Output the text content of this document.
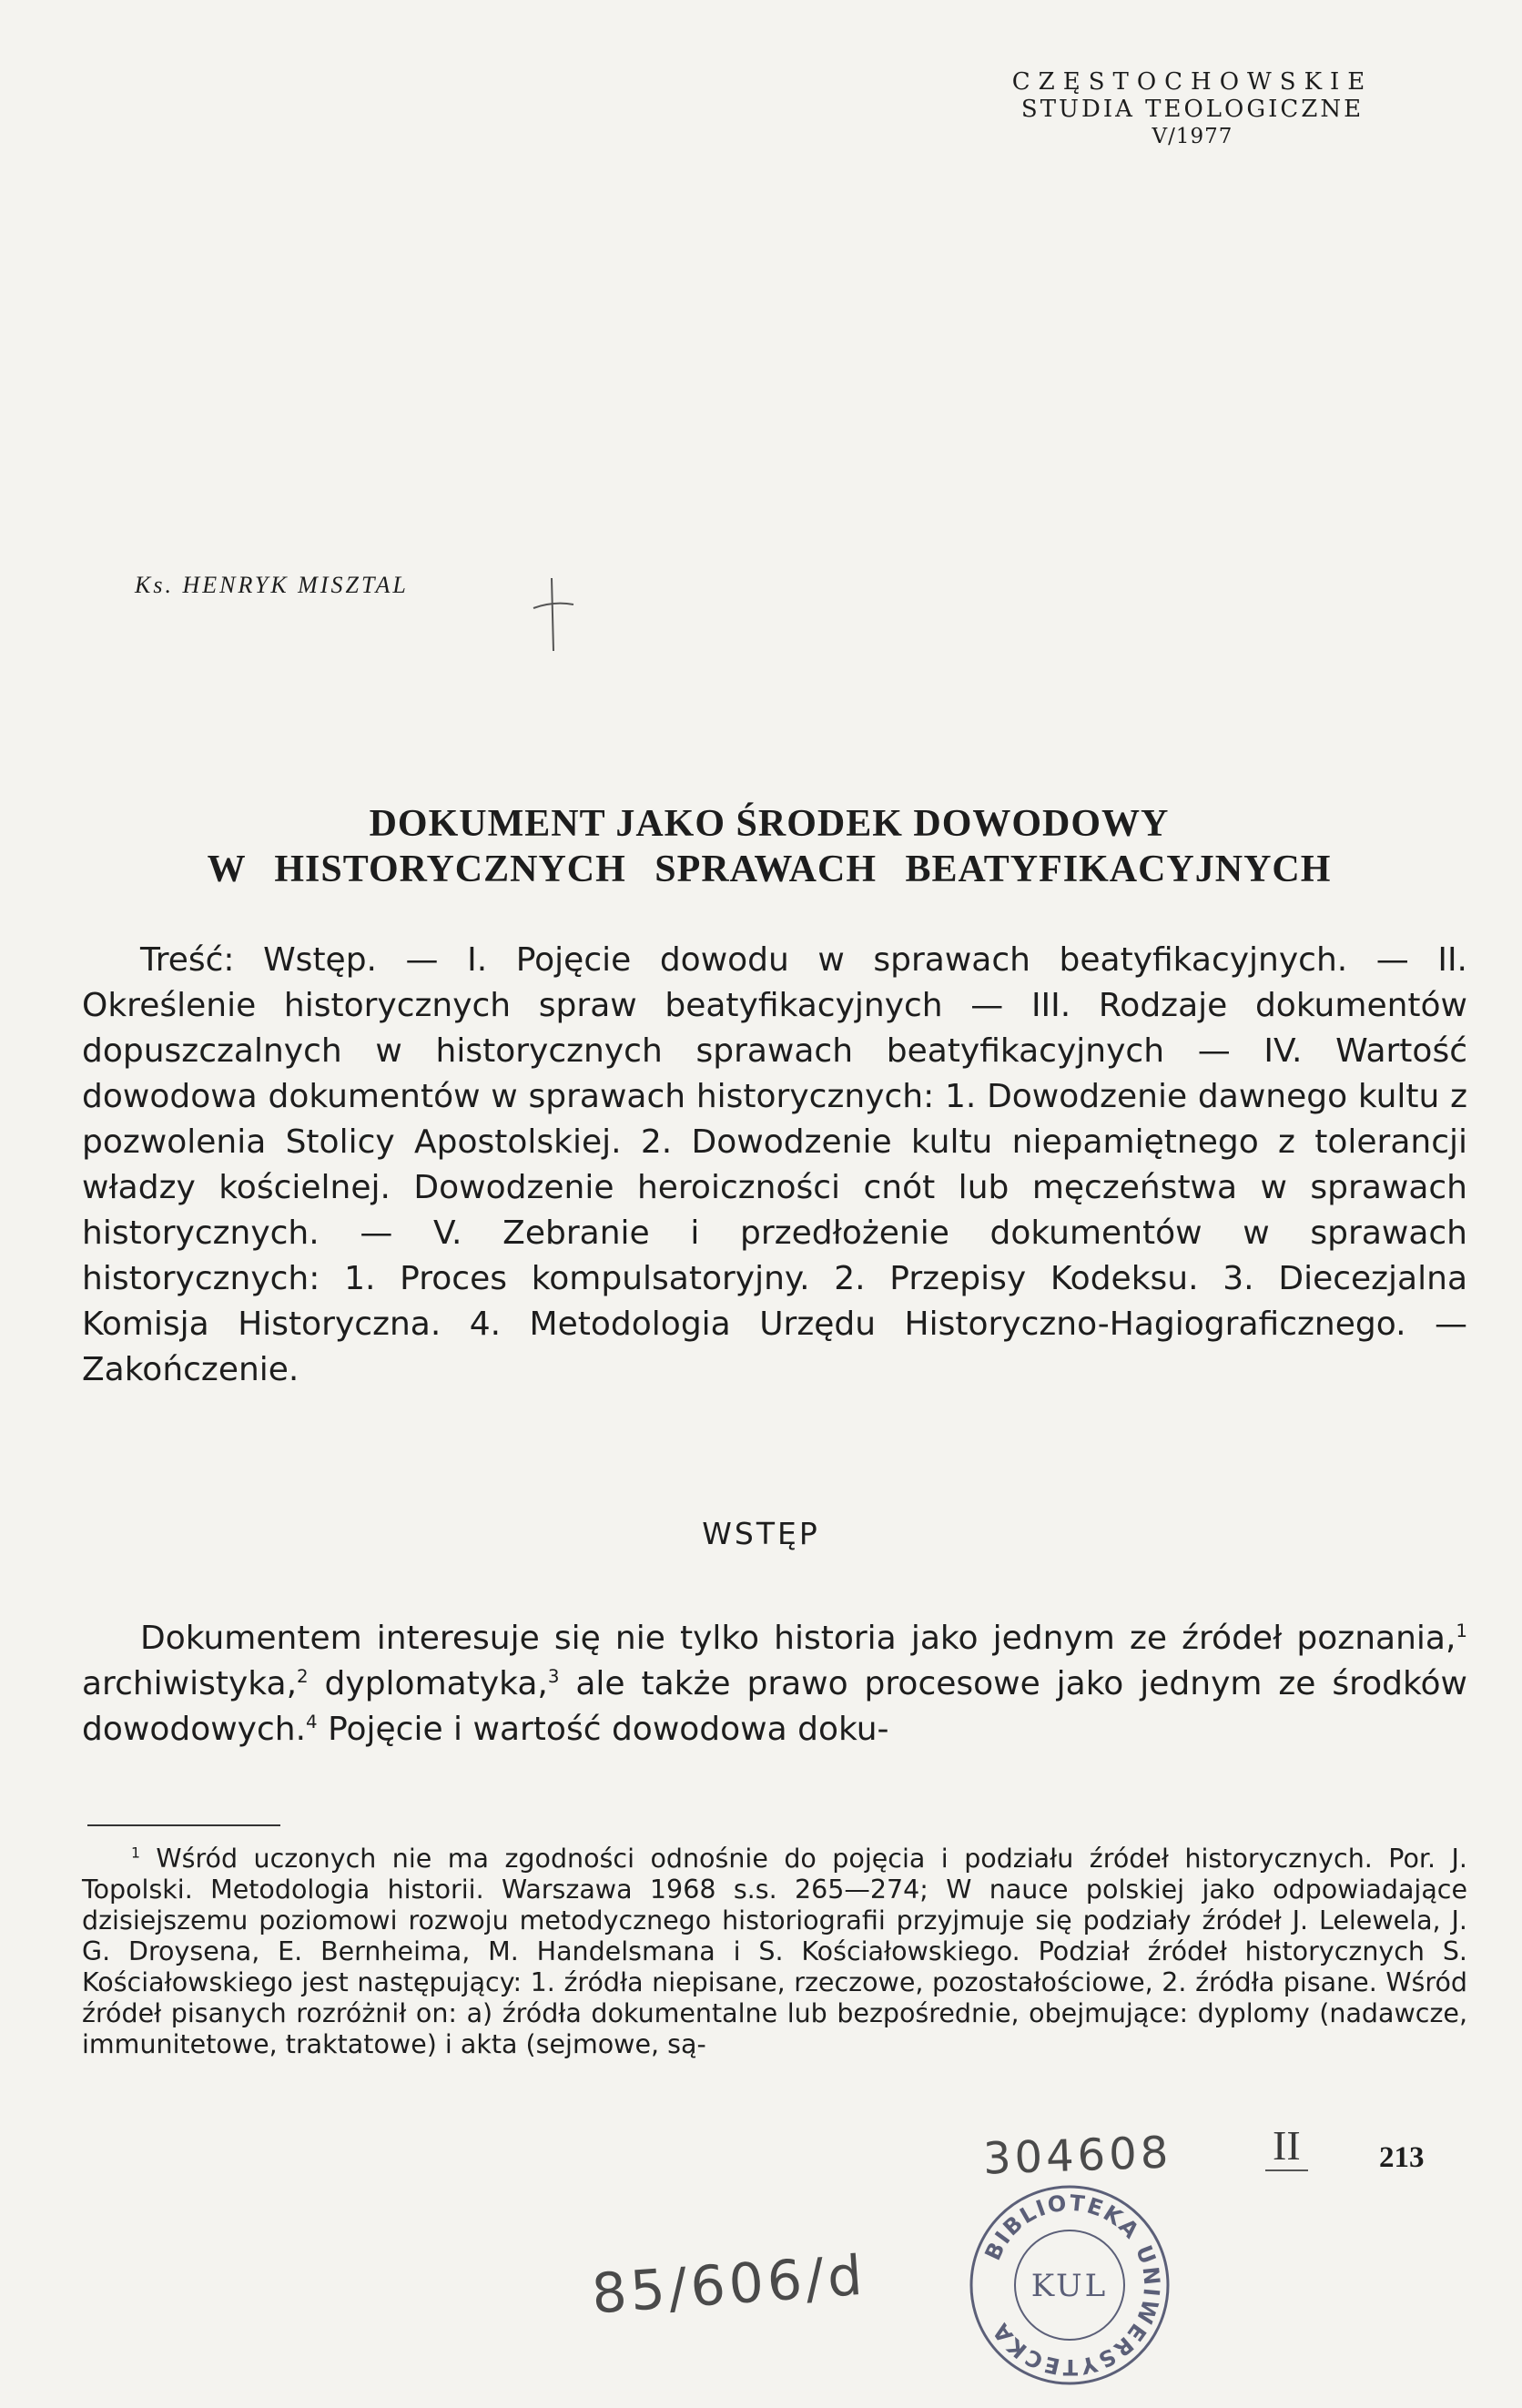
CZĘSTOCHOWSKIE
STUDIA TEOLOGICZNE
V/1977
Ks. HENRYK MISZTAL
DOKUMENT JAKO ŚRODEK DOWODOWY
W HISTORYCZNYCH SPRAWACH BEATYFIKACYJNYCH
Treść: Wstęp. — I. Pojęcie dowodu w sprawach beatyfikacyjnych. — II. Określenie historycznych spraw beatyfikacyjnych — III. Rodzaje dokumentów dopuszczalnych w historycznych sprawach beatyfikacyjnych — IV. Wartość dowodowa dokumentów w sprawach historycznych: 1. Dowodzenie dawnego kultu z pozwolenia Stolicy Apostolskiej. 2. Dowodzenie kultu niepamiętnego z tolerancji władzy kościelnej. Dowodzenie heroiczności cnót lub męczeństwa w sprawach historycznych. — V. Zebranie i przedłożenie dokumentów w sprawach historycznych: 1. Proces kompulsatoryjny. 2. Przepisy Kodeksu. 3. Diecezjalna Komisja Historyczna. 4. Metodologia Urzędu Historyczno-Hagiograficznego. — Zakończenie.
WSTĘP
Dokumentem interesuje się nie tylko historia jako jednym ze źródeł poznania,$^1$ archiwistyka,$^2$ dyplomatyka,$^3$ ale także prawo procesowe jako jednym ze środków dowodowych.$^4$ Pojęcie i wartość dowodowa doku-
$^1$ Wśród uczonych nie ma zgodności odnośnie do pojęcia i podziału źródeł historycznych. Por. J. Topolski. Metodologia historii. Warszawa 1968 s.s. 265—274; W nauce polskiej jako odpowiadające dzisiejszemu poziomowi rozwoju metodycznego historiografii przyjmuje się podziały źródeł J. Lelewela, J. G. Droysena, E. Bernheima, M. Handelsmana i S. Kościałowskiego. Podział źródeł historycznych S. Kościałowskiego jest następujący: 1. źródła niepisane, rzeczowe, pozostałościowe, 2. źródła pisane. Wśród źródeł pisanych rozróżnił on: a) źródła dokumentalne lub bezpośrednie, obejmujące: dyplomy (nadawcze, immunitetowe, traktatowe) i akta (sejmowe, są-
304608 II	213
85/606/d	BIBLIOTEKA UNIWERSYTECKA
KUL
